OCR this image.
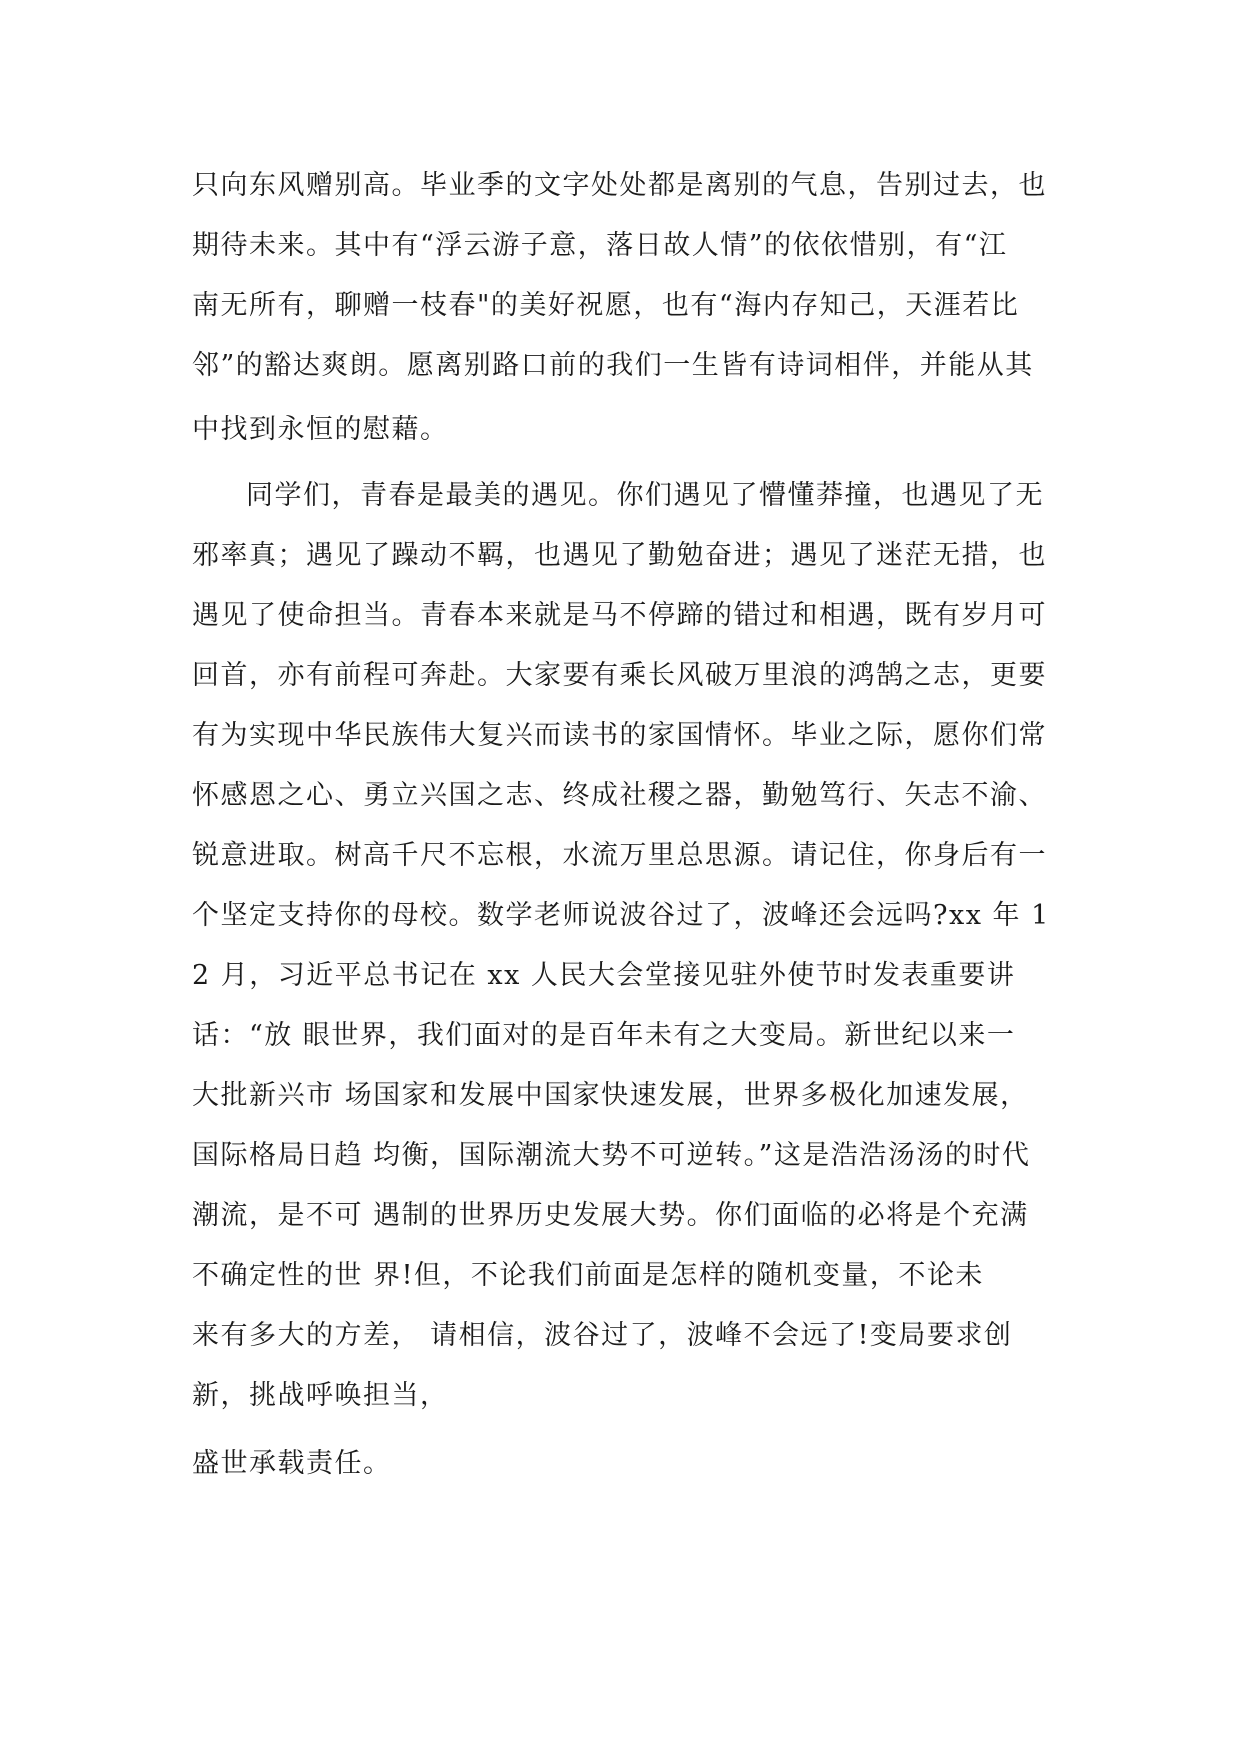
只向东风赠别高。毕业季的文字处处都是离别的气息，告别过去，也
期待未来。其中有“浮云游子意，落日故人情”的依依惜别，有“江
南无所有，聊赠一枝春"的美好祝愿，也有“海内存知己，天涯若比
邻”的豁达爽朗。愿离别路口前的我们一生皆有诗词相伴，并能从其
中找到永恒的慰藉。
同学们，青春是最美的遇见。你们遇见了懵懂莽撞，也遇见了无
邪率真；遇见了躁动不羁，也遇见了勤勉奋进；遇见了迷茫无措，也
遇见了使命担当。青春本来就是马不停蹄的错过和相遇，既有岁月可
回首，亦有前程可奔赴。大家要有乘长风破万里浪的鸿鹄之志，更要
有为实现中华民族伟大复兴而读书的家国情怀。毕业之际，愿你们常
怀感恩之心、勇立兴国之志、终成社稷之器，勤勉笃行、矢志不渝、
锐意进取。树高千尺不忘根，水流万里总思源。请记住，你身后有一
个坚定支持你的母校。数学老师说波谷过了，波峰还会远吗?xx 年 1
2 月，习近平总书记在 xx 人民大会堂接见驻外使节时发表重要讲
话：“放 眼世界，我们面对的是百年未有之大变局。新世纪以来一
大批新兴市 场国家和发展中国家快速发展，世界多极化加速发展，
国际格局日趋 均衡，国际潮流大势不可逆转。”这是浩浩汤汤的时代
潮流，是不可 遇制的世界历史发展大势。你们面临的必将是个充满
不确定性的世 界!但，不论我们前面是怎样的随机变量，不论未
来有多大的方差， 请相信，波谷过了，波峰不会远了!变局要求创
新，挑战呼唤担当，
盛世承载责任。
